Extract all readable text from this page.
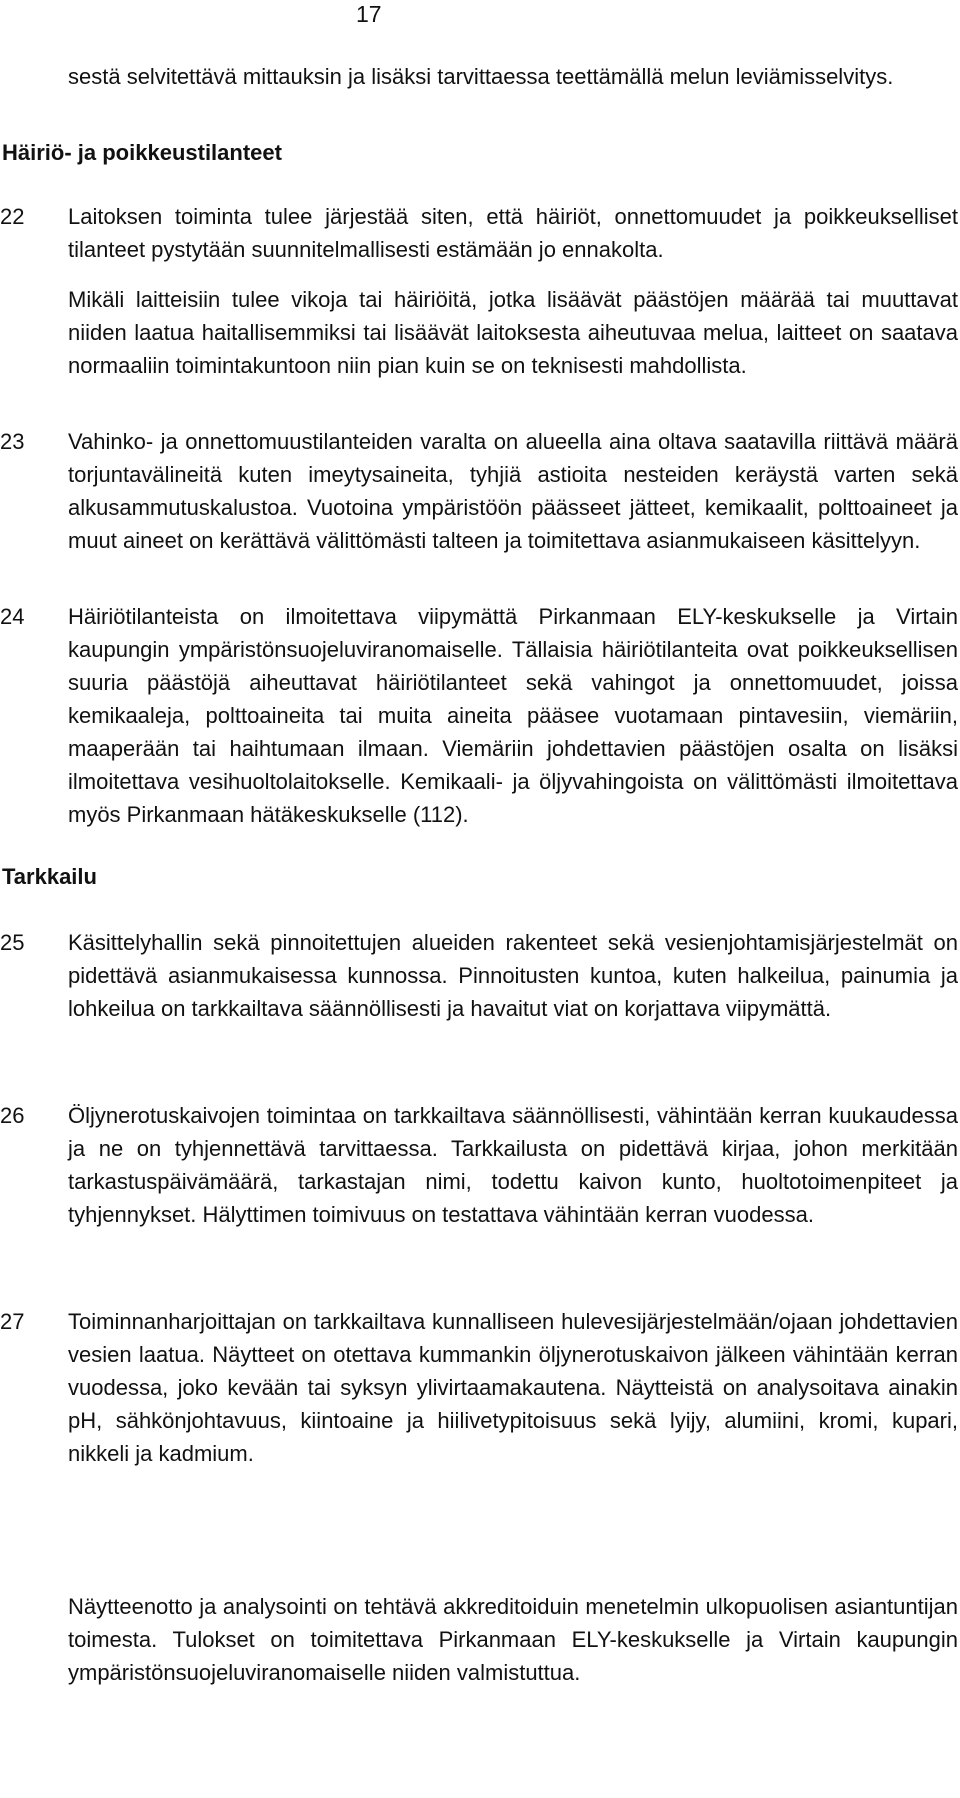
17
sestä selvitettävä mittauksin ja lisäksi tarvittaessa teettämällä melun leviämisselvitys.
Häiriö- ja poikkeustilanteet
22	Laitoksen toiminta tulee järjestää siten, että häiriöt, onnettomuudet ja poikkeukselliset tilanteet pystytään suunnitelmallisesti estämään jo ennakolta.
Mikäli laitteisiin tulee vikoja tai häiriöitä, jotka lisäävät päästöjen määrää tai muuttavat niiden laatua haitallisemmiksi tai lisäävät laitoksesta aiheutuvaa melua, laitteet on saatava normaaliin toimintakuntoon niin pian kuin se on teknisesti mahdollista.
23	Vahinko- ja onnettomuustilanteiden varalta on alueella aina oltava saatavilla riittävä määrä torjuntavälineitä kuten imeytysaineita, tyhjiä astioita nesteiden keräystä varten sekä alkusammutuskalustoa. Vuotoina ympäristöön päässeet jätteet, kemikaalit, polttoaineet ja muut aineet on kerättävä välittömästi talteen ja toimitettava asianmukaiseen käsittelyyn.
24	Häiriötilanteista on ilmoitettava viipymättä Pirkanmaan ELY-keskukselle ja Virtain kaupungin ympäristönsuojeluviranomaiselle. Tällaisia häiriötilanteita ovat poikkeuksellisen suuria päästöjä aiheuttavat häiriötilanteet sekä vahingot ja onnettomuudet, joissa kemikaaleja, polttoaineita tai muita aineita pääsee vuotamaan pintavesiin, viemäriin, maaperään tai haihtumaan ilmaan. Viemäriin johdettavien päästöjen osalta on lisäksi ilmoitettava vesihuoltolaitokselle. Kemikaali- ja öljyvahingoista on välittömästi ilmoitettava myös Pirkanmaan hätäkeskukselle (112).
Tarkkailu
25	Käsittelyhallin sekä pinnoitettujen alueiden rakenteet sekä vesienjohtamisjärjestelmät on pidettävä asianmukaisessa kunnossa. Pinnoitusten kuntoa, kuten halkeilua, painumia ja lohkeilua on tarkkailtava säännöllisesti ja havaitut viat on korjattava viipymättä.
26	Öljynerotuskaivojen toimintaa on tarkkailtava säännöllisesti, vähintään kerran kuukaudessa ja ne on tyhjennettävä tarvittaessa. Tarkkailusta on pidettävä kirjaa, johon merkitään tarkastuspäivämäärä, tarkastajan nimi, todettu kaivon kunto, huoltotoimenpiteet ja tyhjennykset. Hälyttimen toimivuus on testattava vähintään kerran vuodessa.
27	Toiminnanharjoittajan on tarkkailtava kunnalliseen hulevesijärjestelmään/ojaan johdettavien vesien laatua. Näytteet on otettava kummankin öljynerotuskaivon jälkeen vähintään kerran vuodessa, joko kevään tai syksyn ylivirtaamakautena. Näytteistä on analysoitava ainakin pH, sähkönjohtavuus, kiintoaine ja hiilivetypitoisuus sekä lyijy, alumiini, kromi, kupari, nikkeli ja kadmium.
Näytteenotto ja analysointi on tehtävä akkreditoiduin menetelmin ulkopuolisen asiantuntijan toimesta. Tulokset on toimitettava Pirkanmaan ELY-keskukselle ja Virtain kaupungin ympäristönsuojeluviranomaiselle niiden valmistuttua.
